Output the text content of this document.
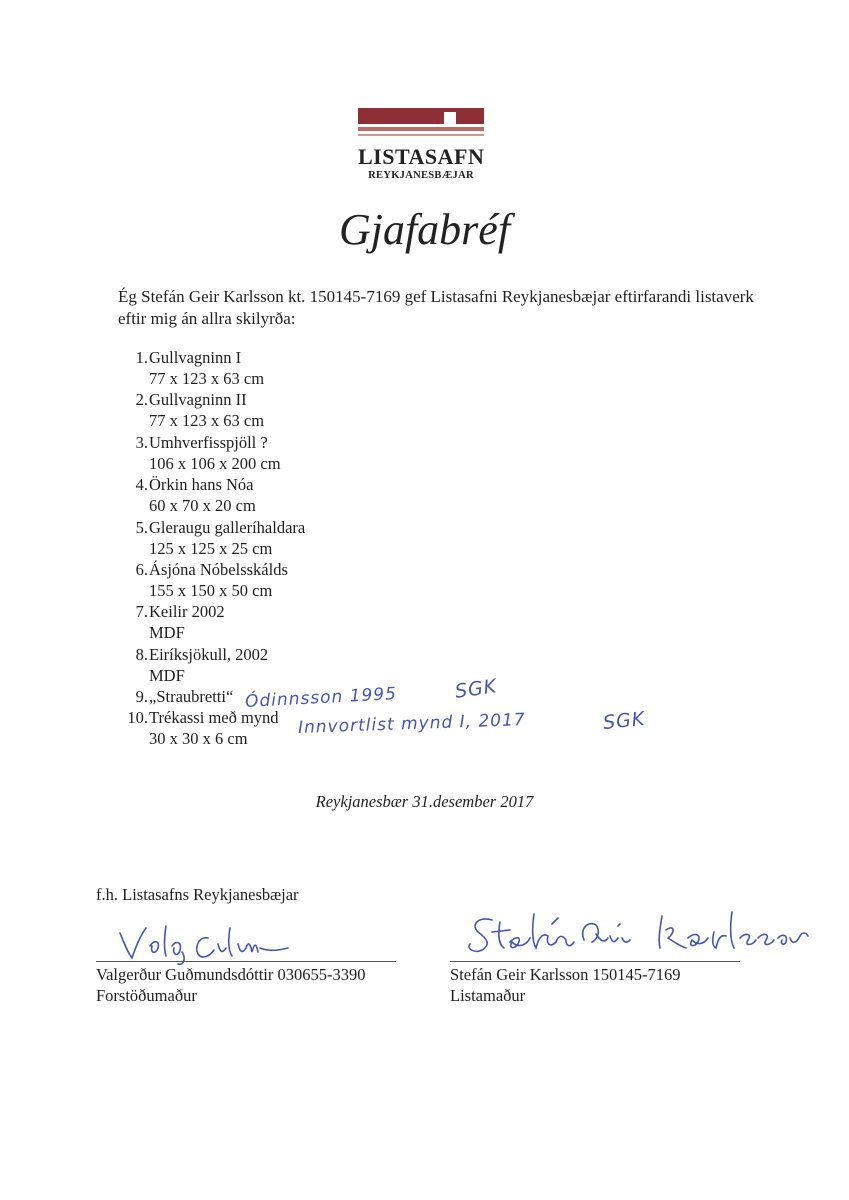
LISTASAFN
REYKJANESBÆJAR
Gjafabréf
Ég Stefán Geir Karlsson kt. 150145-7169 gef Listasafni Reykjanesbæjar eftirfarandi listaverk eftir mig án allra skilyrða:
1. Gullvagninn I
77 x 123 x 63 cm
2. Gullvagninn II
77 x 123 x 63 cm
3. Umhverfisspjöll ?
106 x 106 x 200 cm
4. Örkin hans Nóa
60 x 70 x 20 cm
5. Gleraugu galleríhaldara
125 x 125 x 25 cm
6. Ásjóna Nóbelsskálds
155 x 150 x 50 cm
7. Keilir 2002
MDF
8. Eiríksjökull, 2002
MDF
9. „Straubretti“
10. Trékassi með mynd
30 x 30 x 6 cm
Ódinnsson 1995	SGK
Innvortlist mynd I, 2017	SGK
Reykjanesbær 31.desember 2017
f.h. Listasafns Reykjanesbæjar
Valgerður Guðmundsdóttir 030655-3390
Forstöðumaður
Stefán Geir Karlsson 150145-7169
Listamaður
